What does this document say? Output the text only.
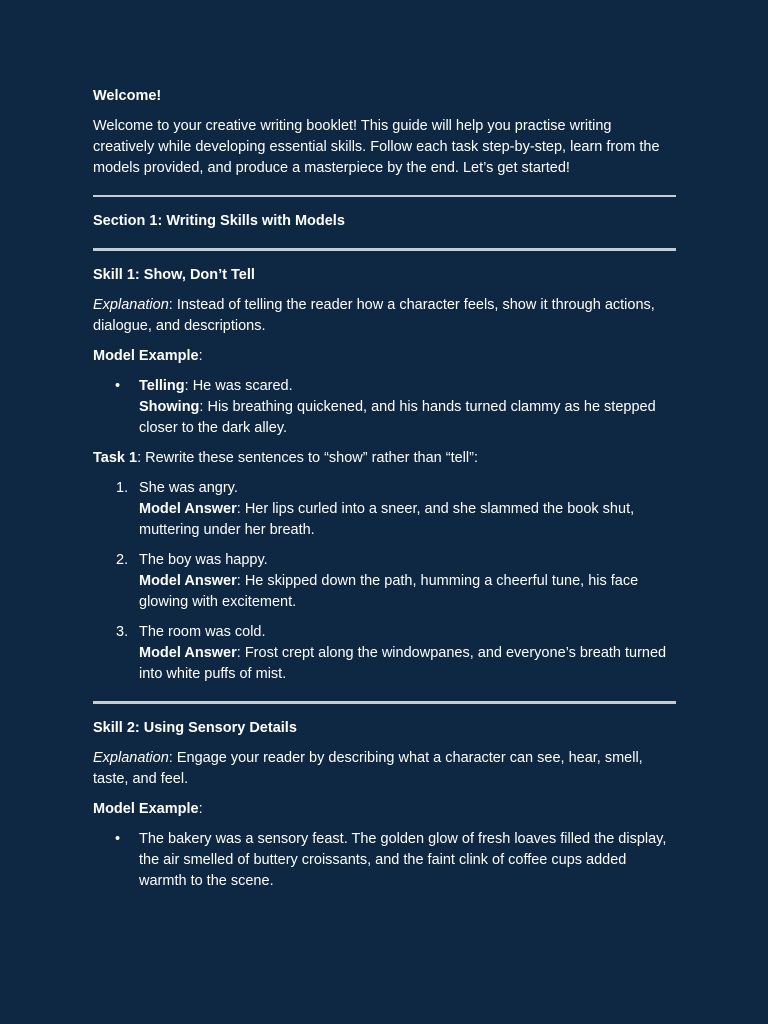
Welcome!

Welcome to your creative writing booklet! This guide will help you practise writing creatively while developing essential skills. Follow each task step-by-step, learn from the models provided, and produce a masterpiece by the end. Let’s get started!

Section 1: Writing Skills with Models

Skill 1: Show, Don’t Tell

Explanation: Instead of telling the reader how a character feels, show it through actions, dialogue, and descriptions.

Model Example:

• Telling: He was scared.
Showing: His breathing quickened, and his hands turned clammy as he stepped closer to the dark alley.

Task 1: Rewrite these sentences to “show” rather than “tell”:

1. She was angry.
Model Answer: Her lips curled into a sneer, and she slammed the book shut, muttering under her breath.
2. The boy was happy.
Model Answer: He skipped down the path, humming a cheerful tune, his face glowing with excitement.
3. The room was cold.
Model Answer: Frost crept along the windowpanes, and everyone’s breath turned into white puffs of mist.

Skill 2: Using Sensory Details

Explanation: Engage your reader by describing what a character can see, hear, smell, taste, and feel.

Model Example:

• The bakery was a sensory feast. The golden glow of fresh loaves filled the display, the air smelled of buttery croissants, and the faint clink of coffee cups added warmth to the scene.
